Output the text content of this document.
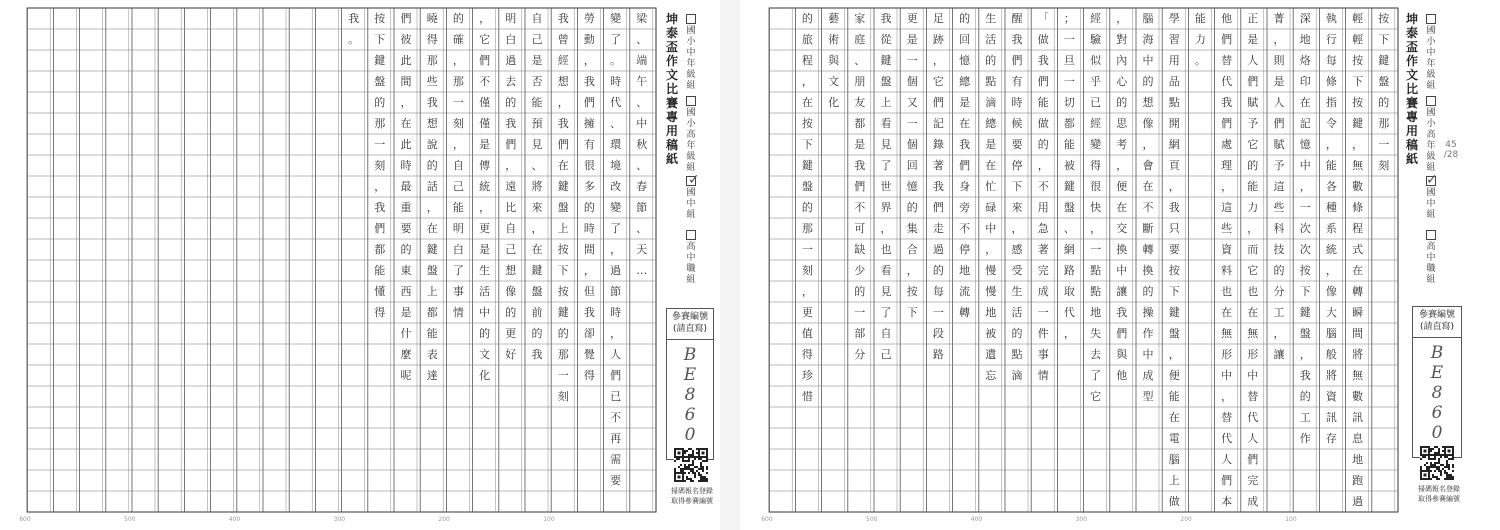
梁
、
端
午
、
中
秋
、
春
節
、
天
…
變
了
。
時
代
、
環
境
改
變
了
，
過
節
時
，
人
們
已
不
再
需
要
勞
動
，
我
們
擁
有
很
多
的
時
間
，
但
我
卻
覺
得
我
曾
經
想
，
我
們
在
鍵
盤
上
按
下
按
鍵
的
那
一
刻
自
己
是
否
能
預
見
、
將
來
，
在
鍵
盤
前
的
我
明
白
過
去
的
我
們
，
遠
比
自
己
想
像
的
更
好
，
它
們
不
僅
僅
是
傳
統
，
更
是
生
活
中
的
文
化
的
確
，
那
一
刻
，
自
己
能
明
白
了
事
情
曉
得
那
些
我
想
說
的
話
，
在
鍵
盤
上
都
能
表
達
們
彼
此
間
，
在
此
時
最
重
要
的
東
西
是
什
麼
呢
按
下
鍵
盤
的
那
一
刻
，
我
們
都
能
懂
得
我
。
100
200
300
400
500
600
坤泰盃作文比賽專用稿紙
國小中年級組
國小高年級組
國中組
✓
高中職組
參賽編號(請直寫)
B
E
8
6
0
掃碼報名登錄
取得參賽編號
按
下
鍵
盤
的
那
一
刻
輕
輕
按
下
按
鍵
，
無
數
條
程
式
在
轉
瞬
間
將
無
數
訊
息
地
跑
過
執
行
每
條
指
令
，
能
各
種
系
統
，
像
大
腦
般
將
資
訊
存
深
地
烙
印
在
記
憶
中
，
一
次
次
按
下
鍵
盤
，
我
的
工
作
菁
，
則
是
人
們
賦
予
這
些
科
技
的
分
工
，
讓
正
是
人
們
賦
予
它
的
能
力
，
而
它
也
在
無
形
中
替
代
人
們
完
成
他
們
替
代
我
們
處
理
，
這
些
資
料
也
在
無
形
中
，
替
代
人
們
本
能
力
。
學
習
用
品
點
開
網
頁
，
我
只
要
按
下
鍵
盤
，
便
能
在
電
腦
上
做
腦
海
中
的
想
像
，
會
在
不
斷
轉
換
的
操
作
中
成
型
，
對
內
心
的
思
考
，
便
在
交
換
中
讓
我
們
與
他
經
驗
似
乎
已
經
變
得
很
快
，
一
點
點
地
失
去
了
它
；
一
旦
一
切
都
能
被
鍵
盤
、
網
路
取
代
，
「
做
我
們
能
做
的
，
不
用
急
著
完
成
一
件
事
情
醒
我
們
有
時
候
要
停
下
來
，
感
受
生
活
的
點
滴
生
活
的
點
滴
總
是
在
忙
碌
中
，
慢
慢
地
被
遺
忘
的
回
憶
總
是
在
我
們
身
旁
不
停
地
流
轉
足
跡
，
它
們
記
錄
著
我
們
走
過
的
每
一
段
路
更
是
一
個
又
一
個
回
憶
的
集
合
，
按
下
我
從
鍵
盤
上
看
見
了
世
界
，
也
看
見
了
自
己
家
庭
、
朋
友
都
是
我
們
不
可
缺
少
的
一
部
分
藝
術
與
文
化
的
旅
程
，
在
按
下
鍵
盤
的
那
一
刻
，
更
值
得
珍
惜
100
200
300
400
500
600
坤泰盃作文比賽專用稿紙
國小中年級組
國小高年級組
45
/28
國中組
✓
高中職組
參賽編號(請直寫)
B
E
8
6
0
掃碼報名登錄
取得參賽編號
